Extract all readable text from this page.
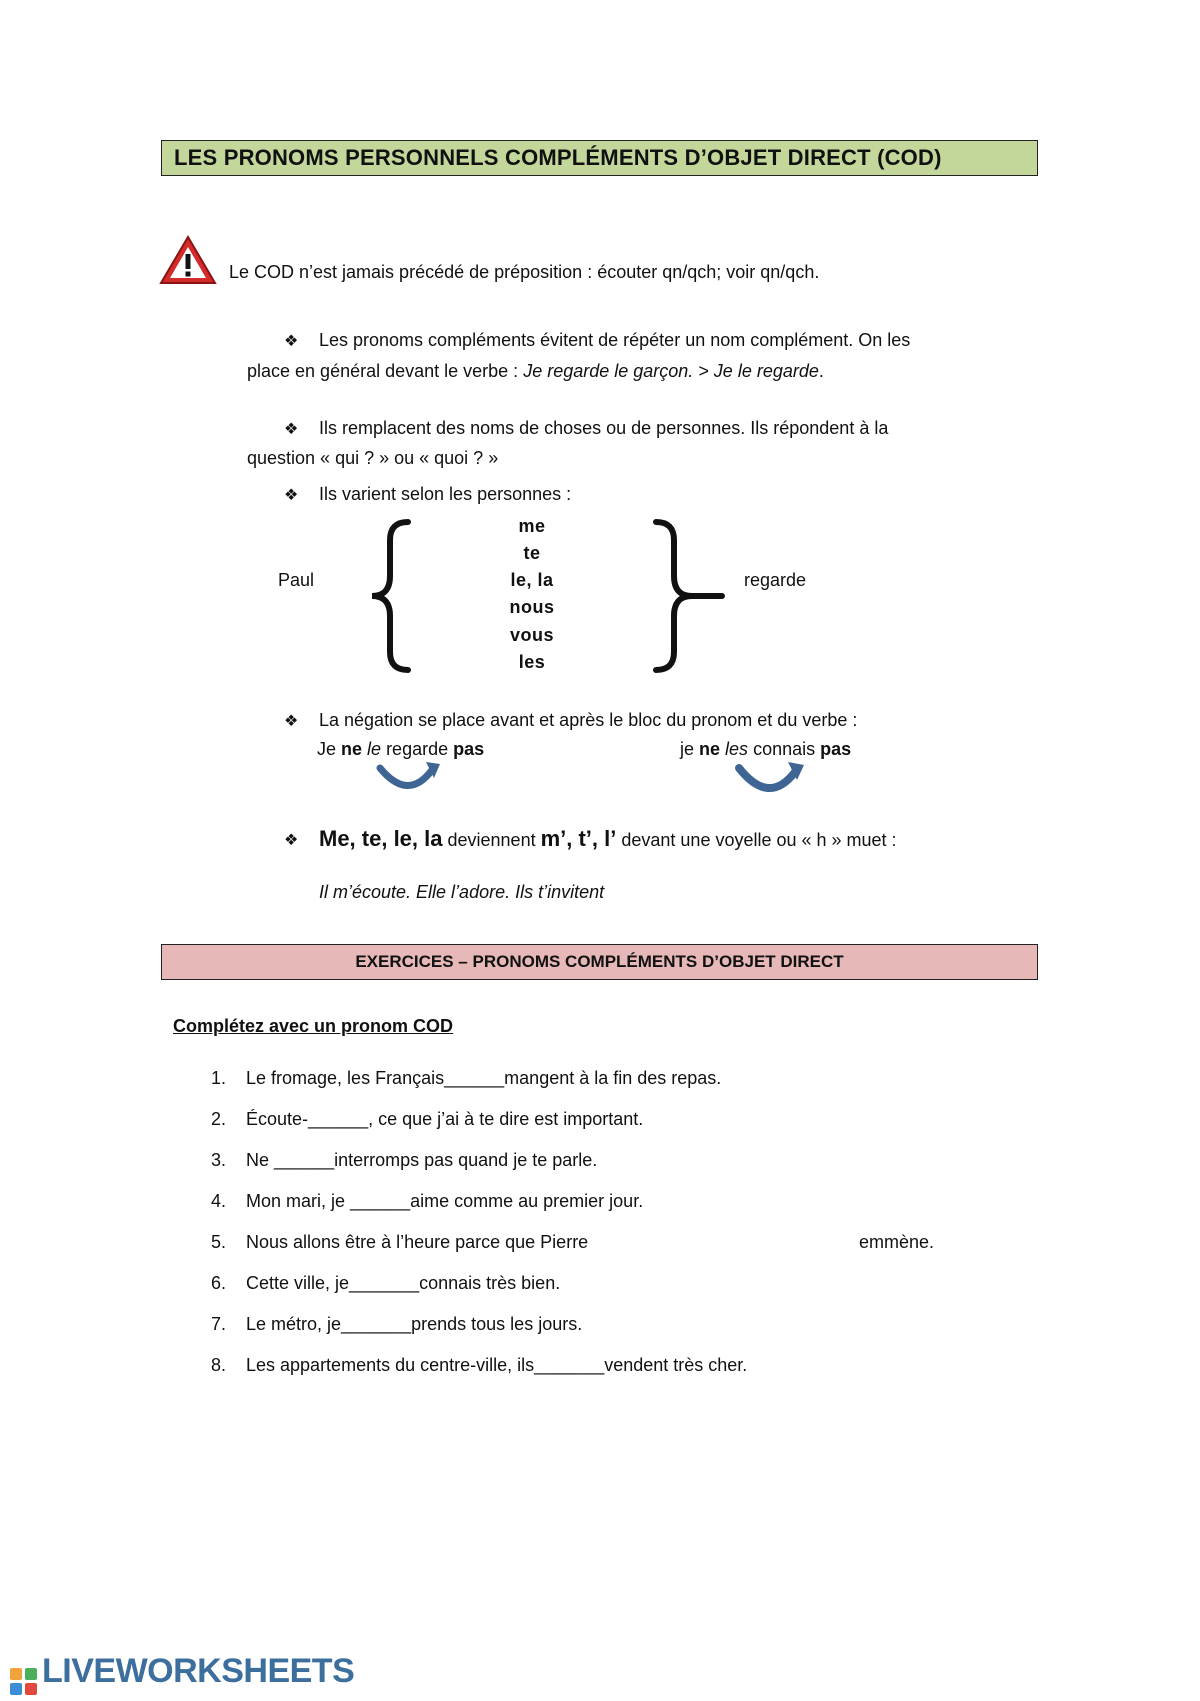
LES PRONOMS PERSONNELS COMPLÉMENTS D’OBJET DIRECT (COD)
Le COD n’est jamais précédé de préposition : écouter qn/qch; voir qn/qch.
❖ Les pronoms compléments évitent de répéter un nom complément. On les
place en général devant le verbe : Je regarde le garçon. > Je le regarde.
❖ Ils remplacent des noms de choses ou de personnes. Ils répondent à la
question « qui ? » ou « quoi ? »
❖ Ils varient selon les personnes :
Paul
me
te
le, la
nous
vous
les
regarde
❖ La négation se place avant et après le bloc du pronom et du verbe :
Je ne le regarde pas	je ne les connais pas
❖ Me, te, le, la deviennent m’, t’, l’ devant une voyelle ou « h » muet :
Il m’écoute. Elle l’adore. Ils t’invitent
EXERCICES – PRONOMS COMPLÉMENTS D’OBJET DIRECT
Complétez avec un pronom COD
1. Le fromage, les Français______mangent à la fin des repas.
2. Écoute-______, ce que j’ai à te dire est important.
3. Ne ______interromps pas quand je te parle.
4. Mon mari, je ______aime comme au premier jour.
5. Nous allons être à l’heure parce que Pierre	emmène.
6. Cette ville, je_______connais très bien.
7. Le métro, je_______prends tous les jours.
8. Les appartements du centre-ville, ils_______vendent très cher.
LIVEWORKSHEETS
